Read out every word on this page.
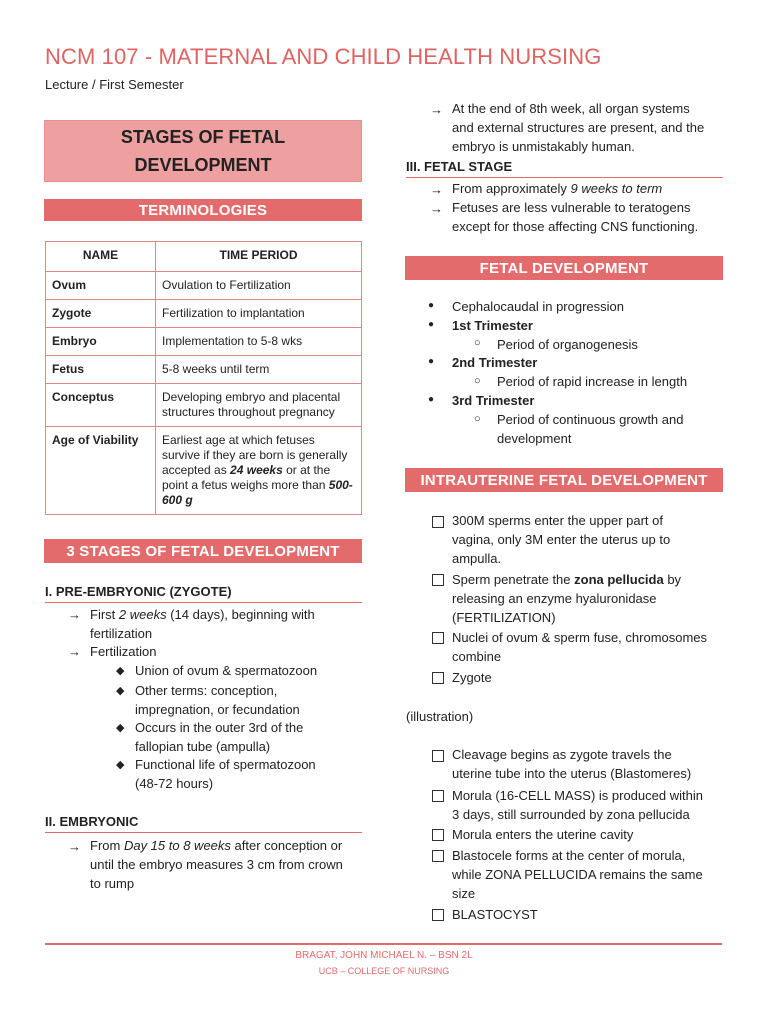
NCM 107 - MATERNAL AND CHILD HEALTH NURSING
Lecture / First Semester
STAGES OF FETAL
DEVELOPMENT
TERMINOLOGIES
NAME	TIME PERIOD
Ovum	Ovulation to Fertilization
Zygote	Fertilization to implantation
Embryo	Implementation to 5-8 wks
Fetus	5-8 weeks until term
Conceptus	Developing embryo and placental structures throughout pregnancy
Age of Viability	Earliest age at which fetuses survive if they are born is generally accepted as 24 weeks or at the point a fetus weighs more than 500-600 g
3 STAGES OF FETAL DEVELOPMENT
I. PRE-EMBRYONIC (ZYGOTE)
→ First 2 weeks (14 days), beginning with
fertilization
→ Fertilization
◆ Union of ovum & spermatozoon
◆ Other terms: conception,
impregnation, or fecundation
◆ Occurs in the outer 3rd of the
fallopian tube (ampulla)
◆ Functional life of spermatozoon
(48-72 hours)
II. EMBRYONIC
→ From Day 15 to 8 weeks after conception or
until the embryo measures 3 cm from crown
to rump
→ At the end of 8th week, all organ systems
and external structures are present, and the
embryo is unmistakably human.
III. FETAL STAGE
→ From approximately 9 weeks to term
→ Fetuses are less vulnerable to teratogens
except for those affecting CNS functioning.
FETAL DEVELOPMENT
● Cephalocaudal in progression
● 1st Trimester
○ Period of organogenesis
● 2nd Trimester
○ Period of rapid increase in length
● 3rd Trimester
○ Period of continuous growth and
development
INTRAUTERINE FETAL DEVELOPMENT
300M sperms enter the upper part of
vagina, only 3M enter the uterus up to
ampulla.
Sperm penetrate the zona pellucida by
releasing an enzyme hyaluronidase
(FERTILIZATION)
Nuclei of ovum & sperm fuse, chromosomes
combine
Zygote
(illustration)
Cleavage begins as zygote travels the
uterine tube into the uterus (Blastomeres)
Morula (16-CELL MASS) is produced within
3 days, still surrounded by zona pellucida
Morula enters the uterine cavity
Blastocele forms at the center of morula,
while ZONA PELLUCIDA remains the same
size
BLASTOCYST
BRAGAT, JOHN MICHAEL N. – BSN 2L
UCB – COLLEGE OF NURSING
